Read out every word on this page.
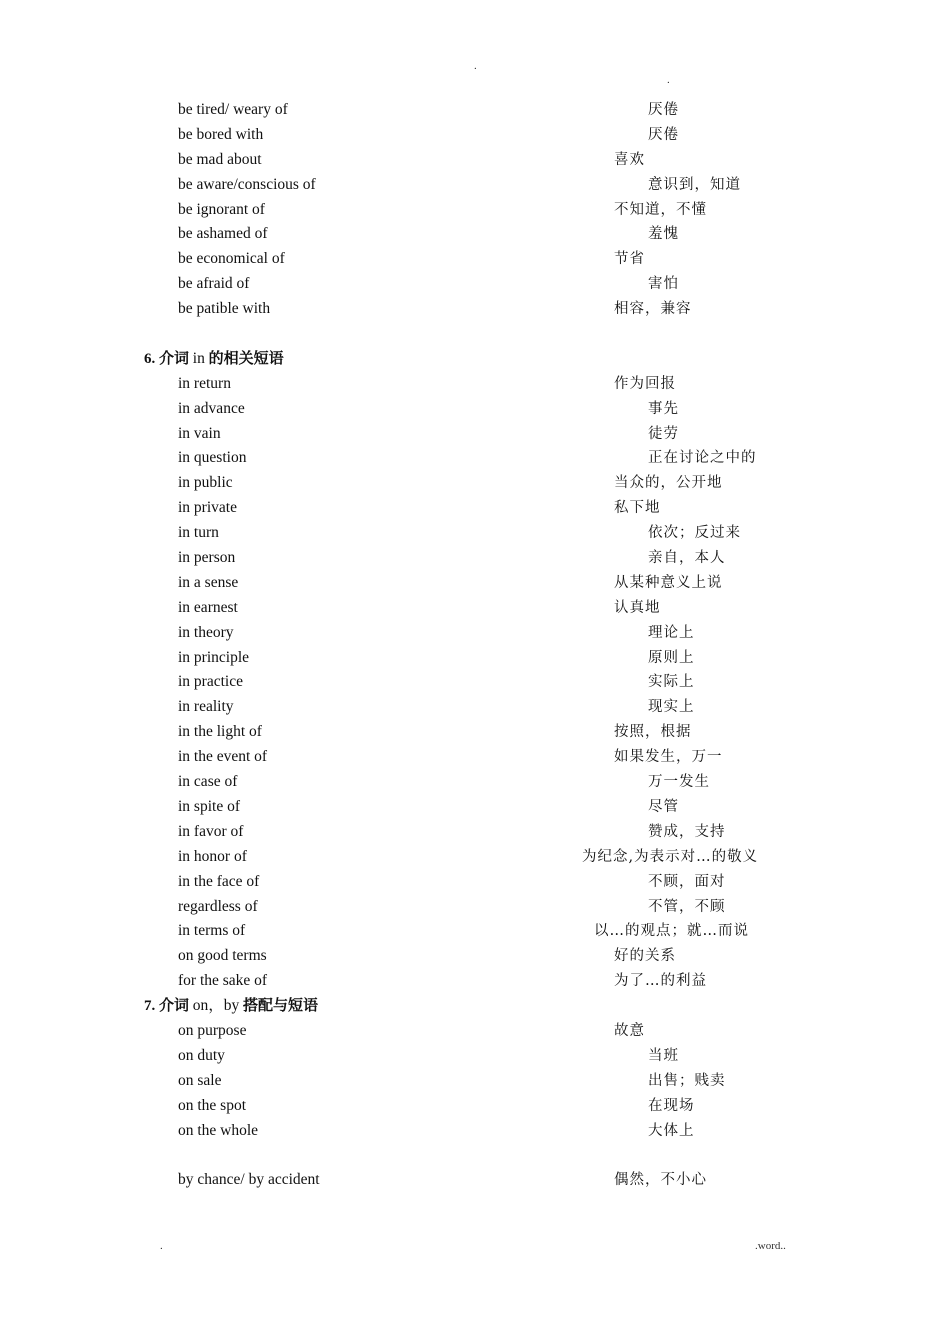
.
.
be tired/ weary of	厌倦
be bored with	厌倦
be mad about	喜欢
be aware/conscious of	意识到，知道
be ignorant of	不知道，不懂
be ashamed of	羞愧
be economical of	节省
be afraid of	害怕
be patible with	相容，兼容
6. 介词 in 的相关短语
in return	作为回报
in advance	事先
in vain	徒劳
in question	正在讨论之中的
in public	当众的，公开地
in private	私下地
in turn	依次；反过来
in person	亲自，本人
in a sense	从某种意义上说
in earnest	认真地
in theory	理论上
in principle	原则上
in practice	实际上
in reality	现实上
in the light of	按照，根据
in the event of	如果发生，万一
in case of	万一发生
in spite of	尽管
in favor of	赞成，支持
in honor of	为纪念,为表示对…的敬义
in the face of	不顾，面对
regardless of	不管，不顾
in terms of	以…的观点；就…而说
on good terms	好的关系
for the sake of	为了…的利益
7. 介词 on，by 搭配与短语
on purpose	故意
on duty	当班
on sale	出售；贱卖
on the spot	在现场
on the whole	大体上
by chance/ by accident	偶然，不小心
.	.word..
